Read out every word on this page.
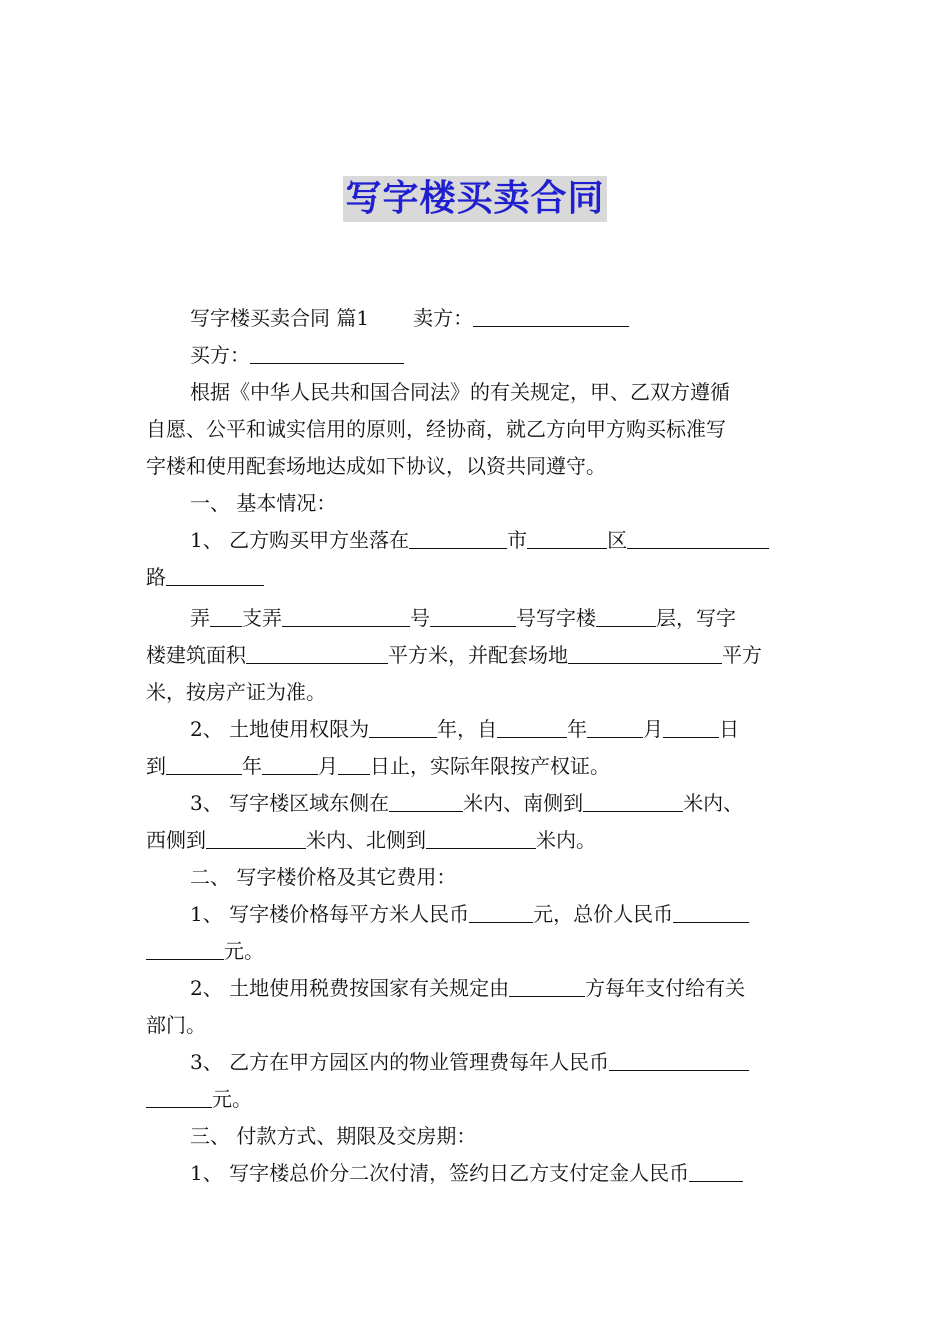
写字楼买卖合同
写字楼买卖合同 篇1 卖方：
买方：
根据《中华人民共和国合同法》的有关规定，甲、乙双方遵循
自愿、公平和诚实信用的原则，经协商，就乙方向甲方购买标准写
字楼和使用配套场地达成如下协议，以资共同遵守。
一、 基本情况：
1、 乙方购买甲方坐落在	市	区
路
弄 支弄	号	号写字楼	层，写字
楼建筑面积	平方米，并配套场地	平方
米，按房产证为准。
2、 土地使用权限为	年，自	年	月	日
到	年	月 日止，实际年限按产权证。
3、 写字楼区域东侧在	米内、南侧到	米内、
西侧到	米内、北侧到	米内。
二、 写字楼价格及其它费用：
1、 写字楼价格每平方米人民币	元，总价人民币
元。
2、 土地使用税费按国家有关规定由	方每年支付给有关
部门。
3、 乙方在甲方园区内的物业管理费每年人民币
元。
三、 付款方式、期限及交房期：
1、 写字楼总价分二次付清，签约日乙方支付定金人民币
